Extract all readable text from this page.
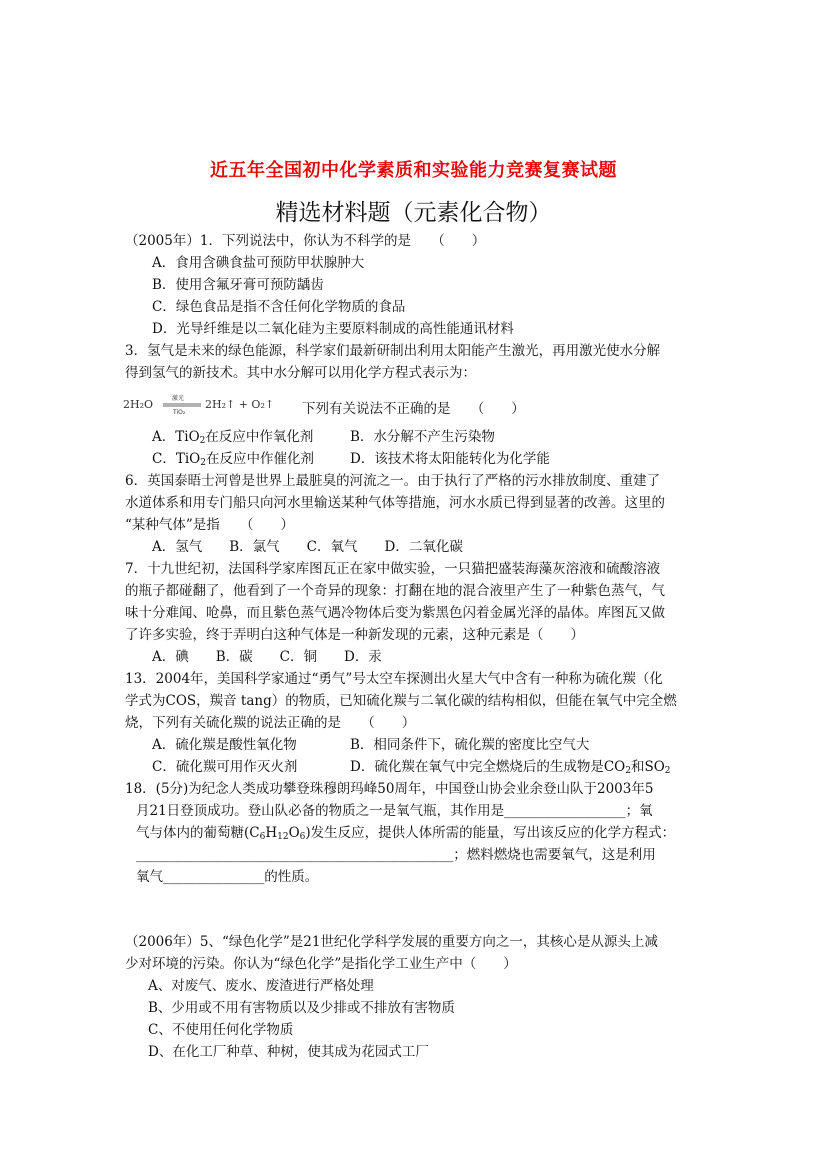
近五年全国初中化学素质和实验能力竞赛复赛试题
精选材料题（元素化合物）
（2005年）1．下列说法中，你认为不科学的是　　（　　）
A．食用含碘食盐可预防甲状腺肿大
B．使用含氟牙膏可预防龋齿
C．绿色食品是指不含任何化学物质的食品
D．光导纤维是以二氧化硅为主要原料制成的高性能通讯材料
3．氢气是未来的绿色能源，科学家们最新研制出利用太阳能产生激光，再用激光使水分解
得到氢气的新技术。其中水分解可以用化学方程式表示为：
2H₂O	激光
TiO₂
2H₂↑ + O₂↑ 下列有关说法不正确的是　　（　　）
A．TiO$_2$在反应中作氧化剂	B．水分解不产生污染物
C．TiO$_2$在反应中作催化剂	D．该技术将太阳能转化为化学能
6．英国泰晤士河曾是世界上最脏臭的河流之一。由于执行了严格的污水排放制度、重建了
水道体系和用专门船只向河水里输送某种气体等措施，河水水质已得到显著的改善。这里的
“某种气体”是指　　（　　）
A．氢气　　B．氯气　　C．氧气　　D．二氧化碳
7．十九世纪初，法国科学家库图瓦正在家中做实验，一只猫把盛装海藻灰溶液和硫酸溶液
的瓶子都碰翻了，他看到了一个奇异的现象：打翻在地的混合液里产生了一种紫色蒸气，气
味十分难闻、呛鼻，而且紫色蒸气遇冷物体后变为紫黑色闪着金属光泽的晶体。库图瓦又做
了许多实验，终于弄明白这种气体是一种新发现的元素，这种元素是（　　）
A．碘　　B．碳　　C．铜　　D．汞
13．2004年，美国科学家通过“勇气”号太空车探测出火星大气中含有一种称为硫化羰（化
学式为COS，羰音 tang）的物质，已知硫化羰与二氧化碳的结构相似，但能在氧气中完全燃
烧，下列有关硫化羰的说法正确的是　　（　　）
A．硫化羰是酸性氧化物	B．相同条件下，硫化羰的密度比空气大
C．硫化羰可用作灭火剂	D．硫化羰在氧气中完全燃烧后的生成物是$CO_2$和$SO_2$
18．(5分)为纪念人类成功攀登珠穆朗玛峰50周年，中国登山协会业余登山队于2003年5
月21日登顶成功。登山队必备的物质之一是氧气瓶，其作用是__________________；氧
气与体内的葡萄糖$(C_6H_{12}O_6)$发生反应，提供人体所需的能量，写出该反应的化学方程式：
_______________________________________________；燃料燃烧也需要氧气，这是利用
氧气_______________的性质。
（2006年）5、“绿色化学”是21世纪化学科学发展的重要方向之一，其核心是从源头上减
少对环境的污染。你认为“绿色化学”是指化学工业生产中（　　）
A、对废气、废水、废渣进行严格处理
B、少用或不用有害物质以及少排或不排放有害物质
C、不使用任何化学物质
D、在化工厂种草、种树，使其成为花园式工厂
